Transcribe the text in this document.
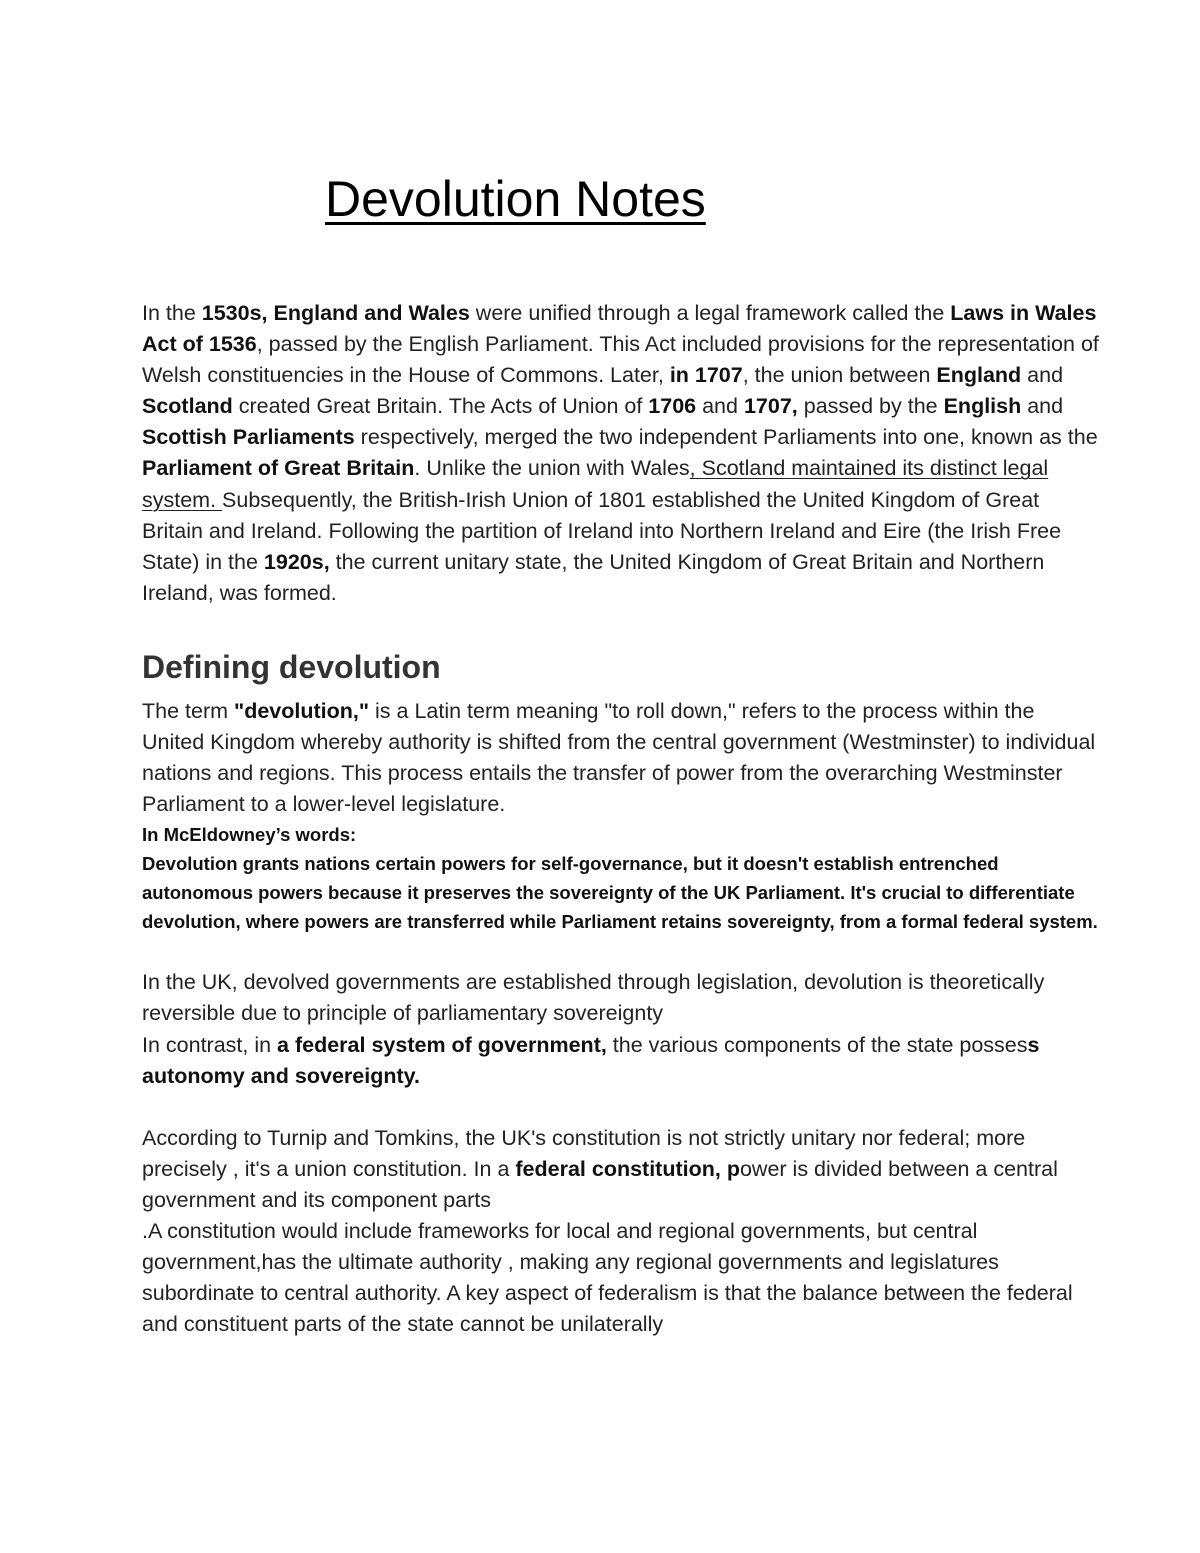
Devolution Notes

In the 1530s, England and Wales were unified through a legal framework called the Laws in Wales Act of 1536, passed by the English Parliament. This Act included provisions for the representation of Welsh constituencies in the House of Commons. Later, in 1707, the union between England and Scotland created Great Britain. The Acts of Union of 1706 and 1707, passed by the English and Scottish Parliaments respectively, merged the two independent Parliaments into one, known as the Parliament of Great Britain. Unlike the union with Wales, Scotland maintained its distinct legal system. Subsequently, the British-Irish Union of 1801 established the United Kingdom of Great Britain and Ireland. Following the partition of Ireland into Northern Ireland and Eire (the Irish Free State) in the 1920s, the current unitary state, the United Kingdom of Great Britain and Northern Ireland, was formed.

Defining devolution

The term "devolution," is a Latin term meaning "to roll down," refers to the process within the United Kingdom whereby authority is shifted from the central government (Westminster) to individual nations and regions. This process entails the transfer of power from the overarching Westminster Parliament to a lower-level legislature.

In McEldowney’s words:

Devolution grants nations certain powers for self-governance, but it doesn't establish entrenched autonomous powers because it preserves the sovereignty of the UK Parliament. It's crucial to differentiate devolution, where powers are transferred while Parliament retains sovereignty, from a formal federal system.

In the UK, devolved governments are established through legislation, devolution is theoretically reversible due to principle of parliamentary sovereignty

In contrast, in a federal system of government, the various components of the state possess autonomy and sovereignty.

According to Turnip and Tomkins, the UK's constitution is not strictly unitary nor federal; more precisely , it's a union constitution. In a federal constitution, power is divided between a central government and its component parts

.A constitution would include frameworks for local and regional governments, but central government,has the ultimate authority , making any regional governments and legislatures subordinate to central authority. A key aspect of federalism is that the balance between the federal and constituent parts of the state cannot be unilaterally
